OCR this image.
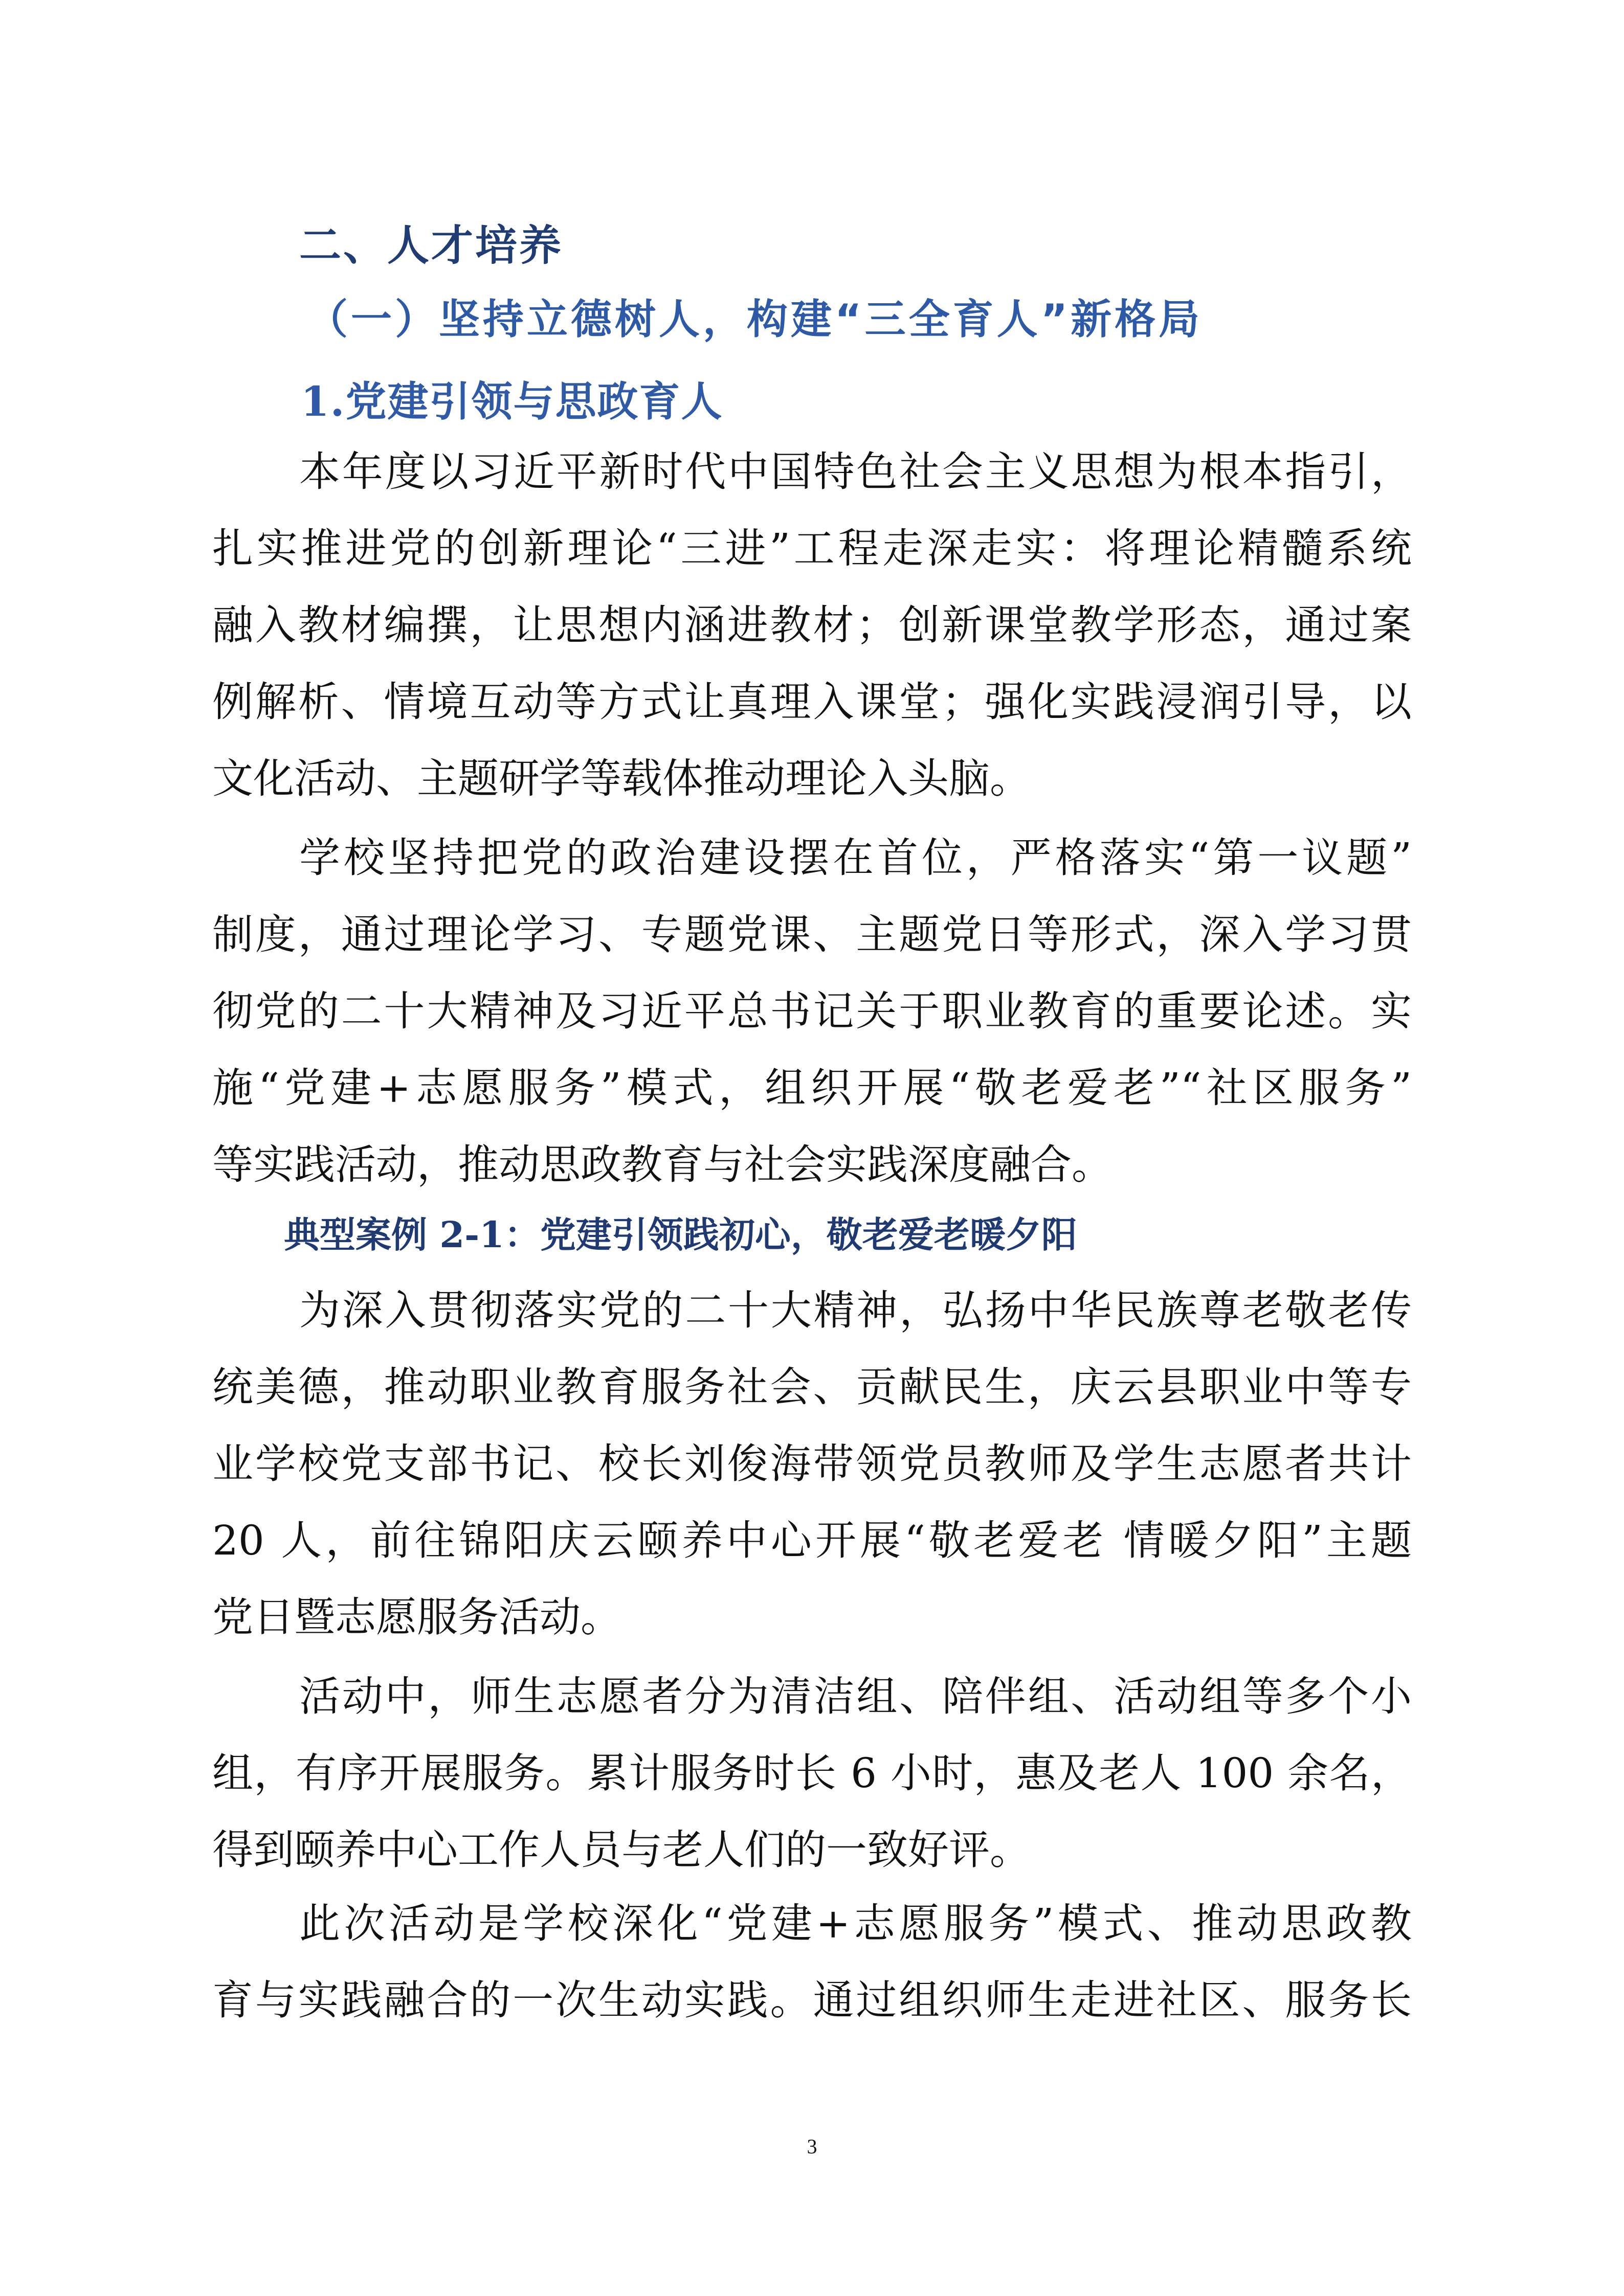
二、人才培养
（一）坚持立德树人，构建“三全育人”新格局
1.党建引领与思政育人

本年度以习近平新时代中国特色社会主义思想为根本指引，

扎实推进党的创新理论“三进”工程走深走实：将理论精髓系统

融入教材编撰，让思想内涵进教材；创新课堂教学形态，通过案

例解析、情境互动等方式让真理入课堂；强化实践浸润引导，以

文化活动、主题研学等载体推动理论入头脑。

学校坚持把党的政治建设摆在首位，严格落实“第一议题”

制度，通过理论学习、专题党课、主题党日等形式，深入学习贯

彻党的二十大精神及习近平总书记关于职业教育的重要论述。实

施“党建+志愿服务”模式，组织开展“敬老爱老”“社区服务”

等实践活动，推动思政教育与社会实践深度融合。

典型案例 2-1：党建引领践初心，敬老爱老暖夕阳

为深入贯彻落实党的二十大精神，弘扬中华民族尊老敬老传

统美德，推动职业教育服务社会、贡献民生，庆云县职业中等专

业学校党支部书记、校长刘俊海带领党员教师及学生志愿者共计

20 人，前往锦阳庆云颐养中心开展“敬老爱老 情暖夕阳”主题

党日暨志愿服务活动。

活动中，师生志愿者分为清洁组、陪伴组、活动组等多个小

组，有序开展服务。累计服务时长 6 小时，惠及老人 100 余名，

得到颐养中心工作人员与老人们的一致好评。

此次活动是学校深化“党建+志愿服务”模式、推动思政教

育与实践融合的一次生动实践。通过组织师生走进社区、服务长

3
